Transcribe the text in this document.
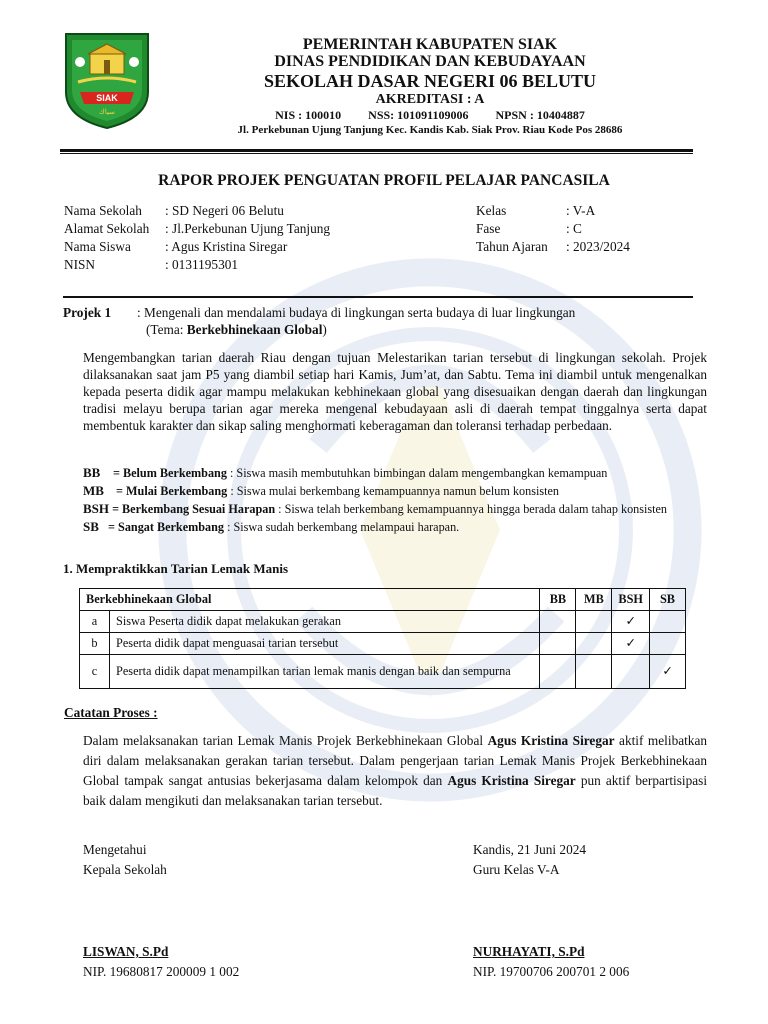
SIAK
سياك
PEMERINTAH KABUPATEN SIAK
DINAS PENDIDIKAN DAN KEBUDAYAAN
SEKOLAH DASAR NEGERI 06 BELUTU
AKREDITASI : A
NIS : 100010 NSS: 101091109006 NPSN : 10404887
Jl. Perkebunan Ujung Tanjung Kec. Kandis Kab. Siak Prov. Riau Kode Pos 28686
RAPOR PROJEK PENGUATAN PROFIL PELAJAR PANCASILA
Nama Sekolah	: SD Negeri 06 Belutu
Alamat Sekolah	: Jl.Perkebunan Ujung Tanjung
Nama Siswa	: Agus Kristina Siregar
NISN	: 0131195301
Kelas	: V-A
Fase	: C
Tahun Ajaran	: 2023/2024
Projek 1 : Mengenali dan mendalami budaya di lingkungan serta budaya di luar lingkungan
(Tema: Berkebhinekaan Global)
Mengembangkan tarian daerah Riau dengan tujuan Melestarikan tarian tersebut di lingkungan sekolah. Projek dilaksanakan saat jam P5 yang diambil setiap hari Kamis, Jum’at, dan Sabtu. Tema ini diambil untuk mengenalkan kepada peserta didik agar mampu melakukan kebhinekaan global yang disesuaikan dengan daerah dan lingkungan tradisi melayu berupa tarian agar mereka mengenal kebudayaan asli di daerah tempat tinggalnya serta dapat membentuk karakter dan sikap saling menghormati keberagaman dan toleransi terhadap perbedaan.
BB = Belum Berkembang : Siswa masih membutuhkan bimbingan dalam mengembangkan kemampuan
MB = Mulai Berkembang : Siswa mulai berkembang kemampuannya namun belum konsisten
BSH = Berkembang Sesuai Harapan : Siswa telah berkembang kemampuannya hingga berada dalam tahap konsisten
SB = Sangat Berkembang : Siswa sudah berkembang melampaui harapan.
1. Mempraktikkan Tarian Lemak Manis
Berkebhinekaan Global		BB	MB	BSH	SB
a	Siswa Peserta didik dapat melakukan gerakan			✓	
b	Peserta didik dapat menguasai tarian tersebut			✓	
c	Peserta didik dapat menampilkan tarian lemak manis dengan baik dan sempurna				✓
Catatan Proses :
Dalam melaksanakan tarian Lemak Manis Projek Berkebhinekaan Global Agus Kristina Siregar aktif melibatkan diri dalam melaksanakan gerakan tarian tersebut. Dalam pengerjaan tarian Lemak Manis Projek Berkebhinekaan Global tampak sangat antusias bekerjasama dalam kelompok dan Agus Kristina Siregar pun aktif berpartisipasi baik dalam mengikuti dan melaksanakan tarian tersebut.
Mengetahui
Kepala Sekolah
LISWAN, S.Pd
NIP. 19680817 200009 1 002
Kandis, 21 Juni 2024
Guru Kelas V-A
NURHAYATI, S.Pd
NIP. 19700706 200701 2 006
